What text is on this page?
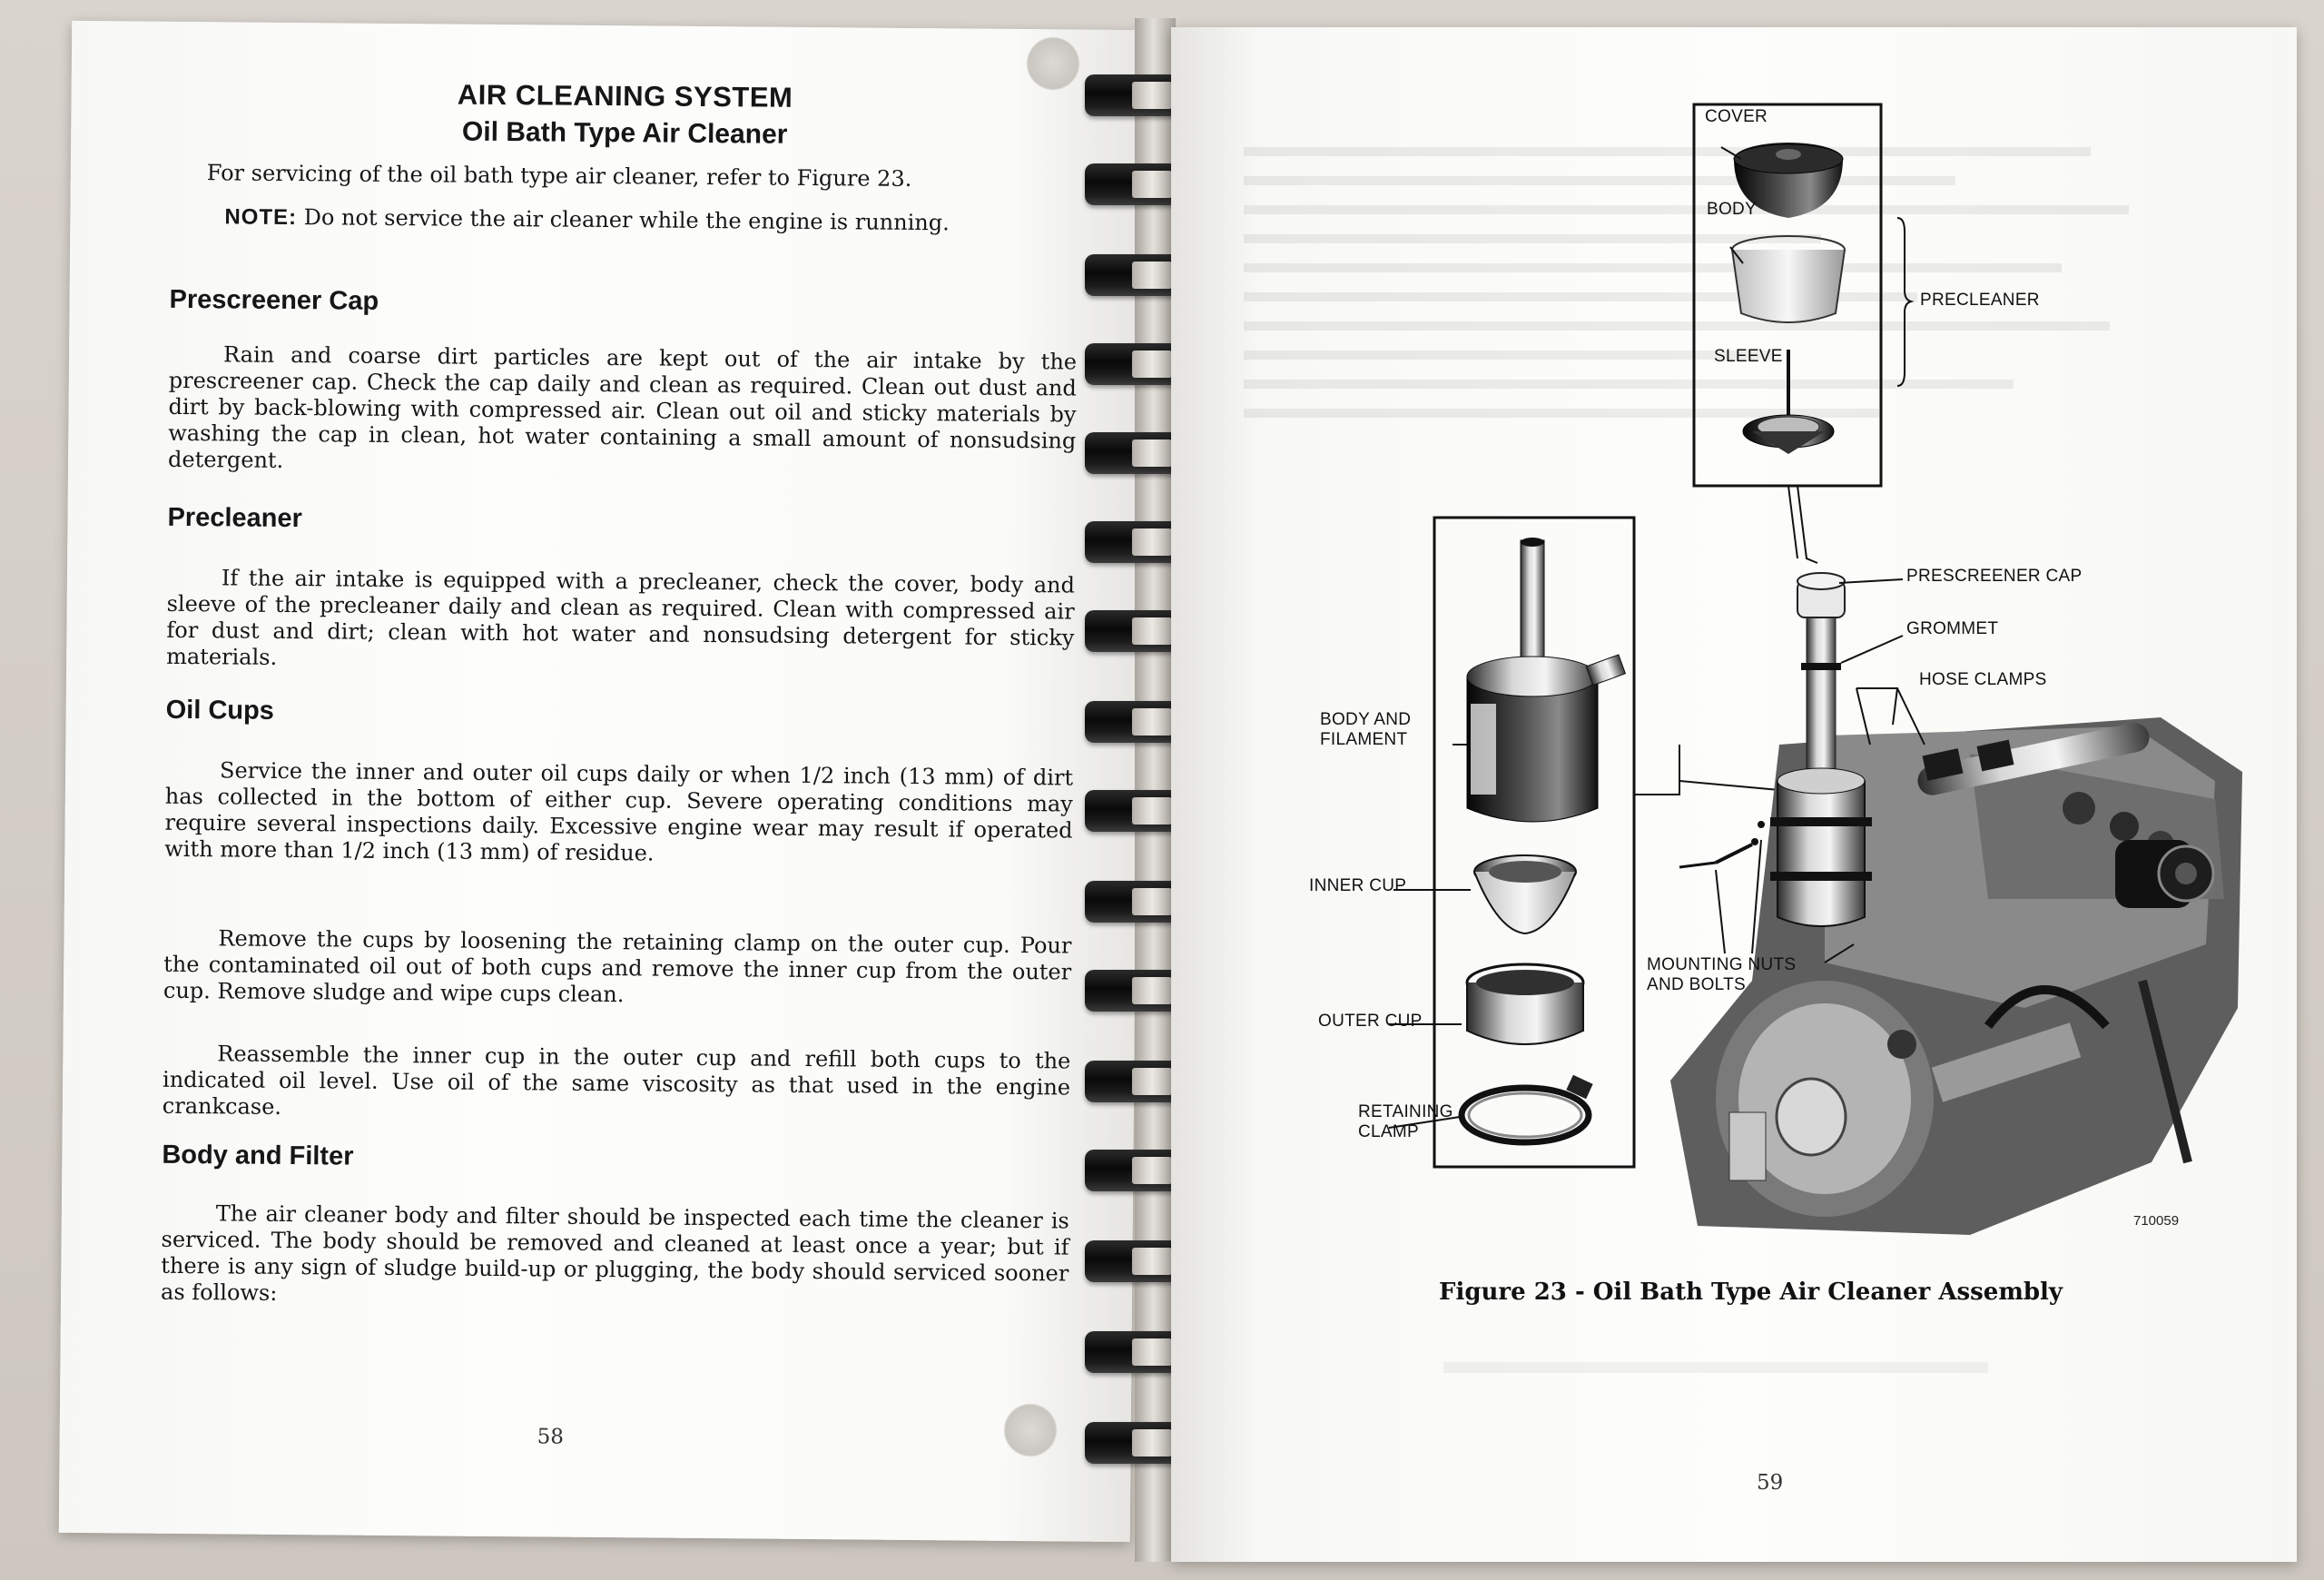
AIR CLEANING SYSTEM
Oil Bath Type Air Cleaner
For servicing of the oil bath type air cleaner, refer to Figure 23.
NOTE: Do not service the air cleaner while the engine is running.
Prescreener Cap
Rain and coarse dirt particles are kept out of the air intake by the prescreener cap. Check the cap daily and clean as required. Clean out dust and dirt by back-blowing with compressed air. Clean out oil and sticky materials by washing the cap in clean, hot water containing a small amount of nonsudsing detergent.
Precleaner
If the air intake is equipped with a precleaner, check the cover, body and sleeve of the precleaner daily and clean as required. Clean with compressed air for dust and dirt; clean with hot water and nonsudsing detergent for sticky materials.
Oil Cups
Service the inner and outer oil cups daily or when 1/2 inch (13 mm) of dirt has collected in the bottom of either cup. Severe operating conditions may require several inspections daily. Excessive engine wear may result if operated with more than 1/2 inch (13 mm) of residue.
Remove the cups by loosening the retaining clamp on the outer cup. Pour the contaminated oil out of both cups and remove the inner cup from the outer cup. Remove sludge and wipe cups clean.
Reassemble the inner cup in the outer cup and refill both cups to the indicated oil level. Use oil of the same viscosity as that used in the engine crankcase.
Body and Filter
The air cleaner body and filter should be inspected each time the cleaner is serviced. The body should be removed and cleaned at least once a year; but if there is any sign of sludge build-up or plugging, the body should serviced sooner as follows:
58
COVER
BODY
PRECLEANER
SLEEVE
PRESCREENER CAP
GROMMET
HOSE CLAMPS
BODY AND
FILAMENT
INNER CUP
OUTER CUP
RETAINING
CLAMP
MOUNTING NUTS
AND BOLTS
710059
Figure 23 - Oil Bath Type Air Cleaner Assembly
59
